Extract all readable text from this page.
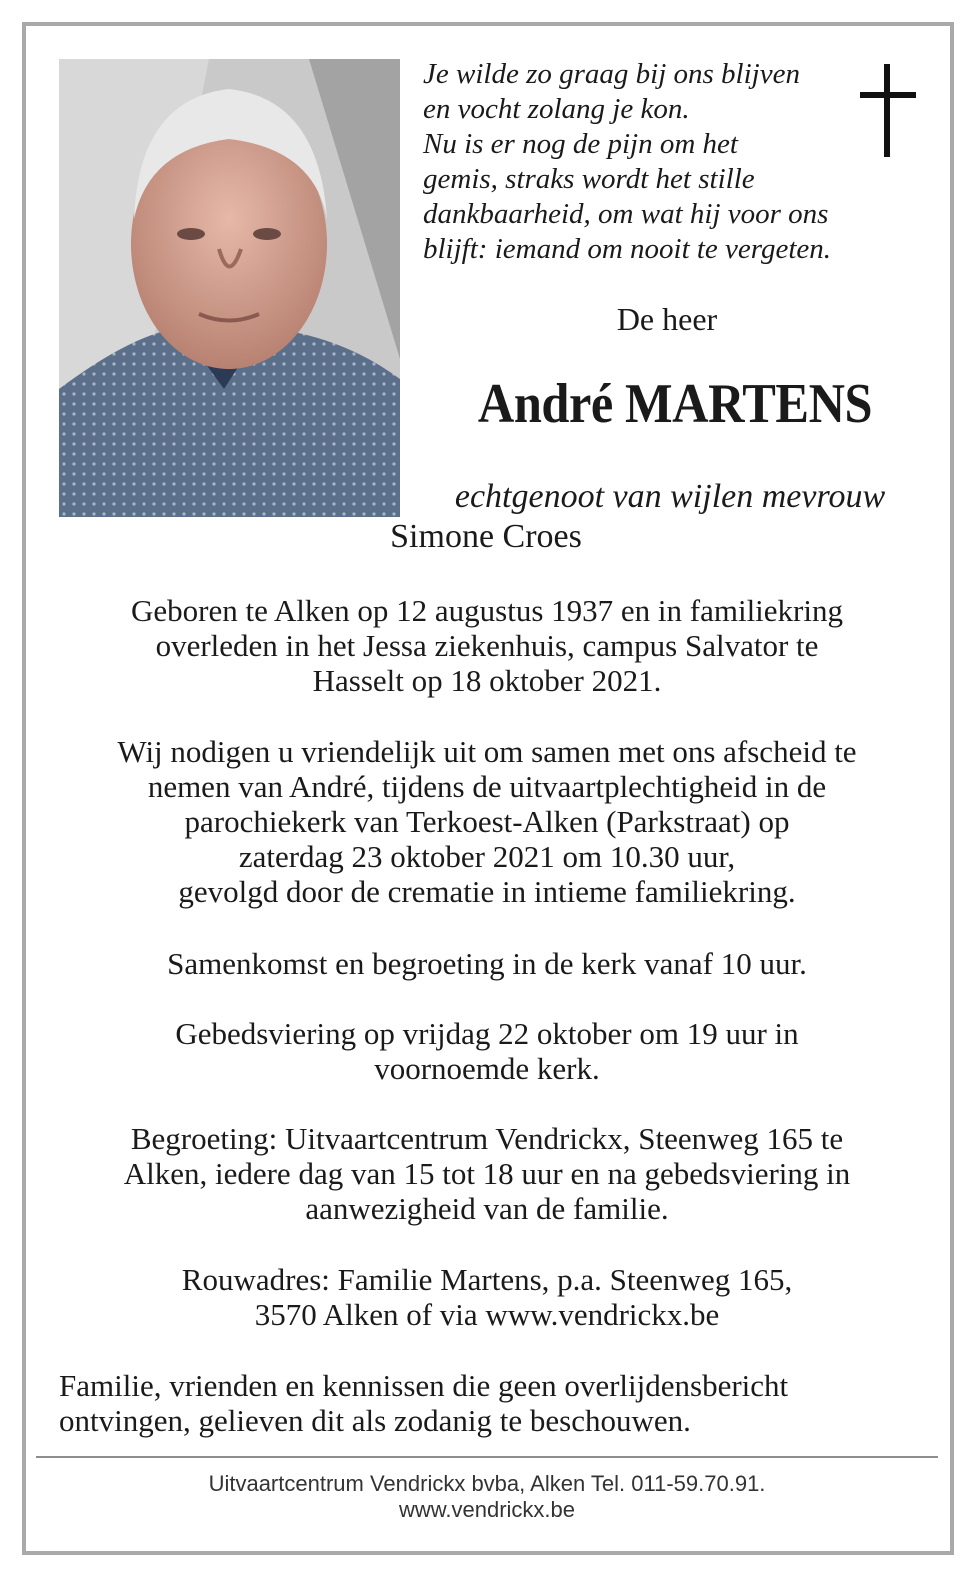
Je wilde zo graag bij ons blijven
en vocht zolang je kon.
Nu is er nog de pijn om het
gemis, straks wordt het stille
dankbaarheid, om wat hij voor ons
blijft: iemand om nooit te vergeten.
De heer
André MARTENS
echtgenoot van wijlen mevrouw
Simone Croes
Geboren te Alken op 12 augustus 1937 en in familiekring
overleden in het Jessa ziekenhuis, campus Salvator te
Hasselt op 18 oktober 2021.
Wij nodigen u vriendelijk uit om samen met ons afscheid te
nemen van André, tijdens de uitvaartplechtigheid in de
parochiekerk van Terkoest-Alken (Parkstraat) op
zaterdag 23 oktober 2021 om 10.30 uur,
gevolgd door de crematie in intieme familiekring.
Samenkomst en begroeting in de kerk vanaf 10 uur.
Gebedsviering op vrijdag 22 oktober om 19 uur in
voornoemde kerk.
Begroeting: Uitvaartcentrum Vendrickx, Steenweg 165 te
Alken, iedere dag van 15 tot 18 uur en na gebedsviering in
aanwezigheid van de familie.
Rouwadres: Familie Martens, p.a. Steenweg 165,
3570 Alken of via www.vendrickx.be
Familie, vrienden en kennissen die geen overlijdensbericht
ontvingen, gelieven dit als zodanig te beschouwen.
Uitvaartcentrum Vendrickx bvba, Alken Tel. 011-59.70.91.
www.vendrickx.be
